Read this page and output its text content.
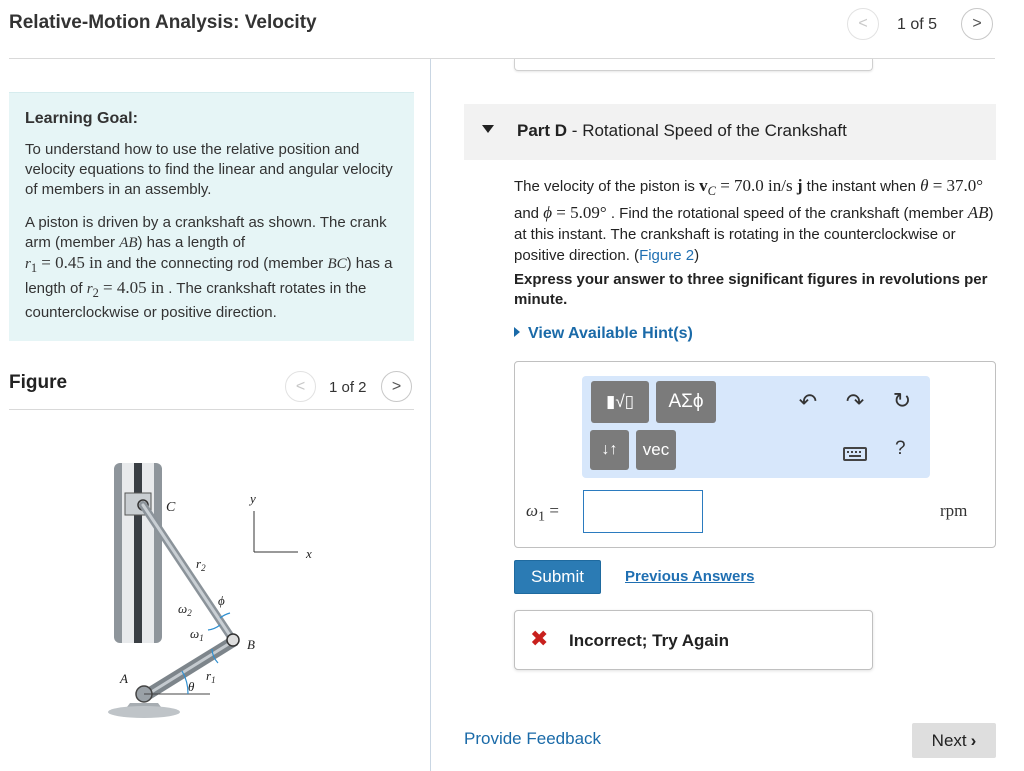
Relative-Motion Analysis: Velocity	< 1 of 5 >
Learning Goal:

To understand how to use the relative position and velocity equations to find the linear and angular velocity of members in an assembly.

A piston is driven by a crankshaft as shown. The crank arm (member AB) has a length of
$r_1 = 0.45$ in and the connecting rod (member BC) has a length of $r_2 = 4.05$ in . The crankshaft rotates in the counterclockwise or positive direction.

Figure	< 1 of 2 >
C
y
x
$r_2$
$\omega_2$
ϕ
$\omega_1$	B
A
θ
$r_1$
Part D - Rotational Speed of the Crankshaft
The velocity of the piston is $v_C = 70.0$ in/s j the instant when θ = 37.0° and ϕ = 5.09° . Find the rotational speed of the crankshaft (member AB) at this instant. The crankshaft is rotating in the counterclockwise or positive direction. (Figure 2)
Express your answer to three significant figures in revolutions per minute.
View Available Hint(s)
▮√▯	ΑΣϕ
↓↑	vec
↶ ↷ ↻
?
$\omega_1$ =	rpm
Submit	Previous Answers
✖ Incorrect; Try Again
Provide Feedback	Next ›
